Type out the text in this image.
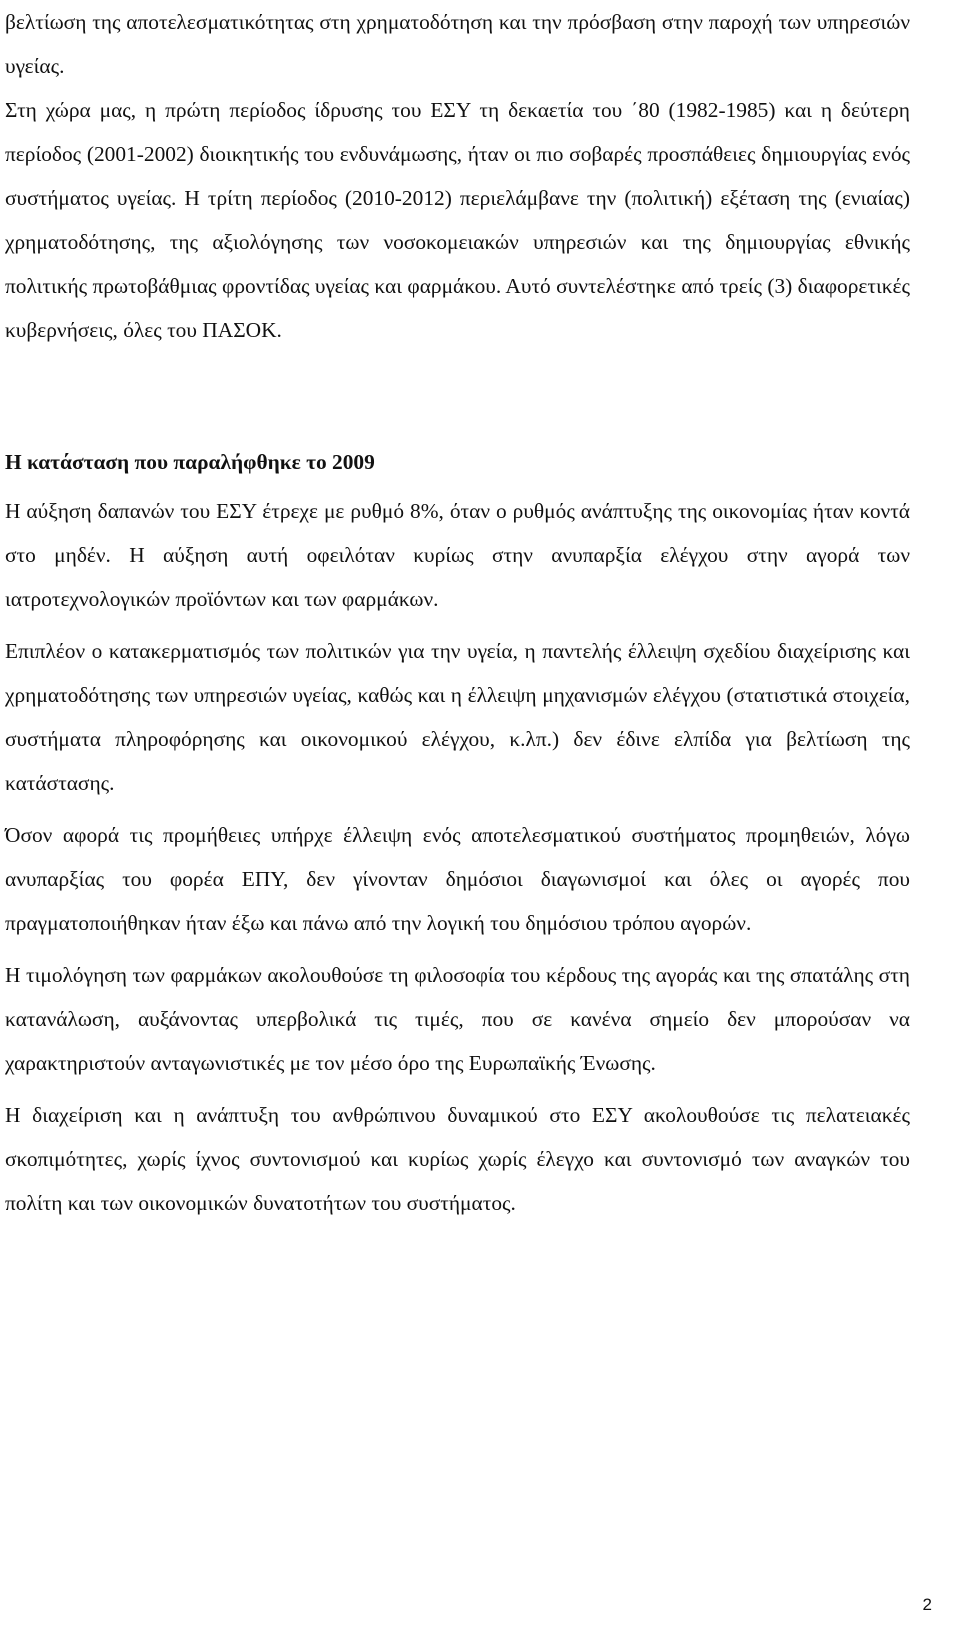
βελτίωση της αποτελεσματικότητας στη χρηματοδότηση και την πρόσβαση στην παροχή των υπηρεσιών υγείας.

Στη χώρα μας, η πρώτη περίοδος ίδρυσης του ΕΣΥ τη δεκαετία του ΄80 (1982-1985) και η δεύτερη περίοδος (2001-2002) διοικητικής του ενδυνάμωσης, ήταν οι πιο σοβαρές προσπάθειες δημιουργίας ενός συστήματος υγείας. Η τρίτη περίοδος (2010-2012) περιελάμβανε την (πολιτική) εξέταση της (ενιαίας) χρηματοδότησης, της αξιολόγησης των νοσοκομειακών υπηρεσιών και της δημιουργίας εθνικής πολιτικής πρωτοβάθμιας φροντίδας υγείας και φαρμάκου. Αυτό συντελέστηκε από τρείς (3) διαφορετικές κυβερνήσεις, όλες του ΠΑΣΟΚ.

Η κατάσταση που παραλήφθηκε το 2009

Η αύξηση δαπανών του ΕΣΥ έτρεχε με ρυθμό 8%, όταν ο ρυθμός ανάπτυξης της οικονομίας ήταν κοντά στο μηδέν. Η αύξηση αυτή οφειλόταν κυρίως στην ανυπαρξία ελέγχου στην αγορά των ιατροτεχνολογικών προϊόντων και των φαρμάκων.

Επιπλέον ο κατακερματισμός των πολιτικών για την υγεία, η παντελής έλλειψη σχεδίου διαχείρισης και χρηματοδότησης των υπηρεσιών υγείας, καθώς και η έλλειψη μηχανισμών ελέγχου (στατιστικά στοιχεία, συστήματα πληροφόρησης και οικονομικού ελέγχου, κ.λπ.) δεν έδινε ελπίδα για βελτίωση της κατάστασης.

Όσον αφορά τις προμήθειες υπήρχε έλλειψη ενός αποτελεσματικού συστήματος προμηθειών, λόγω ανυπαρξίας του φορέα ΕΠΥ, δεν γίνονταν δημόσιοι διαγωνισμοί και όλες οι αγορές που πραγματοποιήθηκαν ήταν έξω και πάνω από την λογική του δημόσιου τρόπου αγορών.

Η τιμολόγηση των φαρμάκων ακολουθούσε τη φιλοσοφία του κέρδους της αγοράς και της σπατάλης στη κατανάλωση, αυξάνοντας υπερβολικά τις τιμές, που σε κανένα σημείο δεν μπορούσαν να χαρακτηριστούν ανταγωνιστικές με τον μέσο όρο της Ευρωπαϊκής Ένωσης.

Η διαχείριση και η ανάπτυξη του ανθρώπινου δυναμικού στο ΕΣΥ ακολουθούσε τις πελατειακές σκοπιμότητες, χωρίς ίχνος συντονισμού και κυρίως χωρίς έλεγχο και συντονισμό των αναγκών του πολίτη και των οικονομικών δυνατοτήτων του συστήματος.

2
